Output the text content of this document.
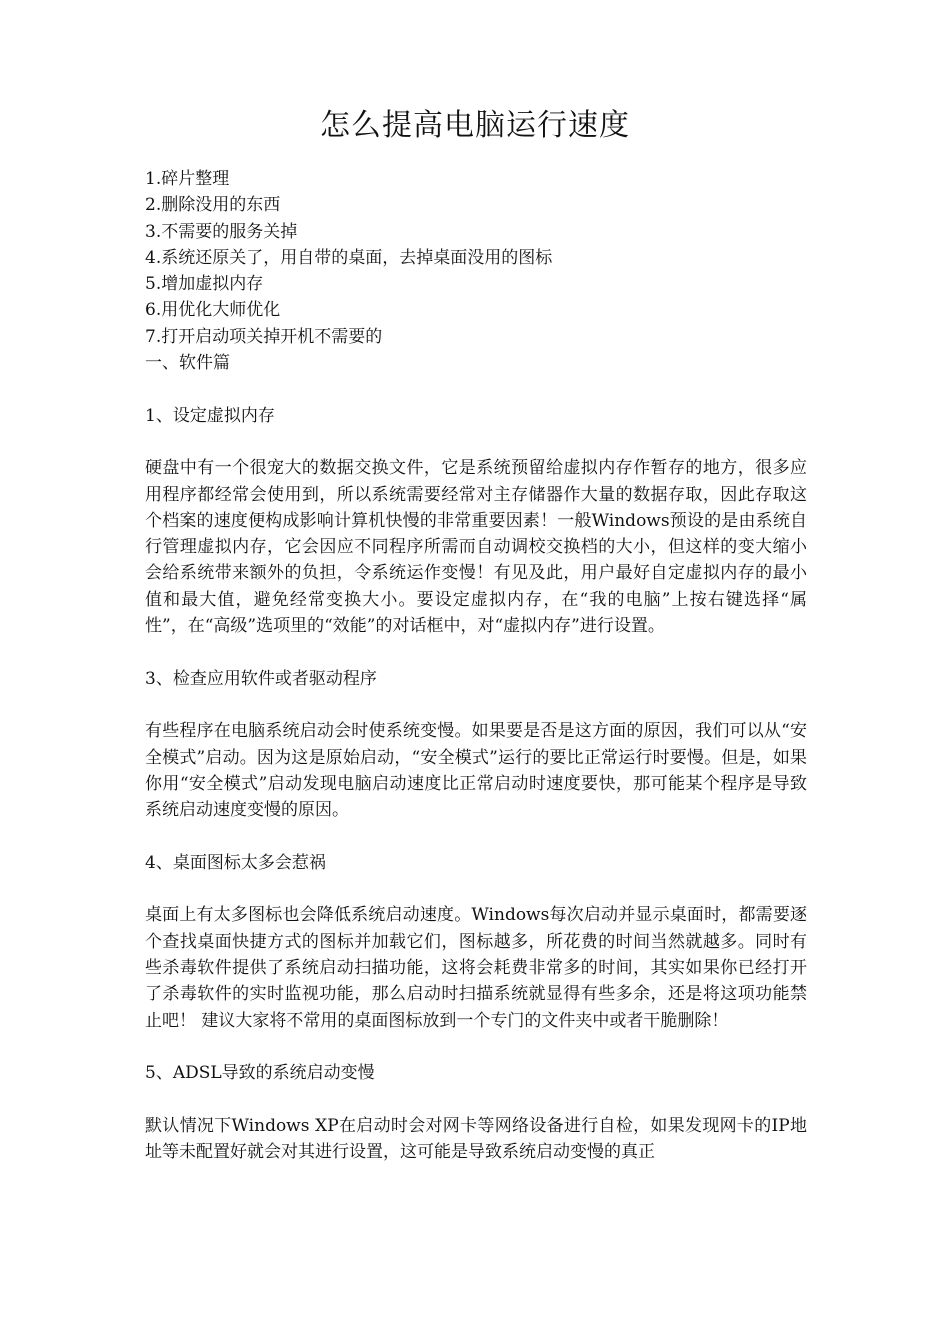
怎么提高电脑运行速度
1.碎片整理
2.删除没用的东西
3.不需要的服务关掉
4.系统还原关了，用自带的桌面，去掉桌面没用的图标
5.增加虚拟内存
6.用优化大师优化
7.打开启动项关掉开机不需要的
一、软件篇
1、设定虚拟内存

硬盘中有一个很宠大的数据交换文件，它是系统预留给虚拟内存作暂存的地方，很多应用程序都经常会使用到，所以系统需要经常对主存储器作大量的数据存取，因此存取这个档案的速度便构成影响计算机快慢的非常重要因素！一般Windows预设的是由系统自行管理虚拟内存，它会因应不同程序所需而自动调校交换档的大小，但这样的变大缩小会给系统带来额外的负担，令系统运作变慢！有见及此，用户最好自定虚拟内存的最小值和最大值，避免经常变换大小。要设定虚拟内存，在“我的电脑”上按右键选择“属性”，在“高级”选项里的“效能”的对话框中，对“虚拟内存”进行设置。

3、检查应用软件或者驱动程序

有些程序在电脑系统启动会时使系统变慢。如果要是否是这方面的原因，我们可以从“安全模式”启动。因为这是原始启动，“安全模式”运行的要比正常运行时要慢。但是，如果你用“安全模式”启动发现电脑启动速度比正常启动时速度要快，那可能某个程序是导致系统启动速度变慢的原因。

4、桌面图标太多会惹祸

桌面上有太多图标也会降低系统启动速度。Windows每次启动并显示桌面时，都需要逐个查找桌面快捷方式的图标并加载它们，图标越多，所花费的时间当然就越多。同时有些杀毒软件提供了系统启动扫描功能，这将会耗费非常多的时间，其实如果你已经打开了杀毒软件的实时监视功能，那么启动时扫描系统就显得有些多余，还是将这项功能禁止吧！ 建议大家将不常用的桌面图标放到一个专门的文件夹中或者干脆删除！

5、ADSL导致的系统启动变慢

默认情况下Windows XP在启动时会对网卡等网络设备进行自检，如果发现网卡的IP地址等未配置好就会对其进行设置，这可能是导致系统启动变慢的真正
